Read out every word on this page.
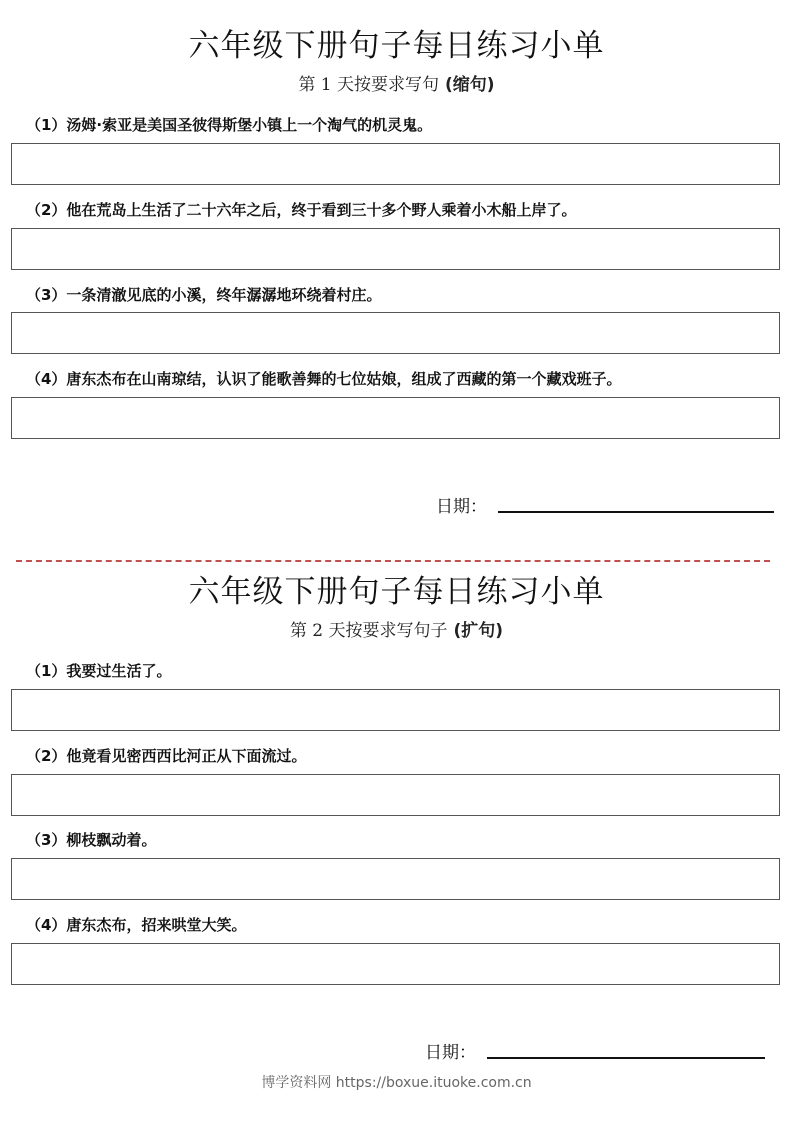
六年级下册句子每日练习小单
第 1 天按要求写句 (缩句)
（1）汤姆·索亚是美国圣彼得斯堡小镇上一个淘气的机灵鬼。
（2）他在荒岛上生活了二十六年之后，终于看到三十多个野人乘着小木船上岸了。
（3）一条清澈见底的小溪，终年潺潺地环绕着村庄。
（4）唐东杰布在山南琼结，认识了能歌善舞的七位姑娘，组成了西藏的第一个藏戏班子。
日期：
六年级下册句子每日练习小单
第 2 天按要求写句子 (扩句)
（1）我要过生活了。
（2）他竟看见密西西比河正从下面流过。
（3）柳枝飘动着。
（4）唐东杰布，招来哄堂大笑。
日期：
博学资料网 https://boxue.ituoke.com.cn
